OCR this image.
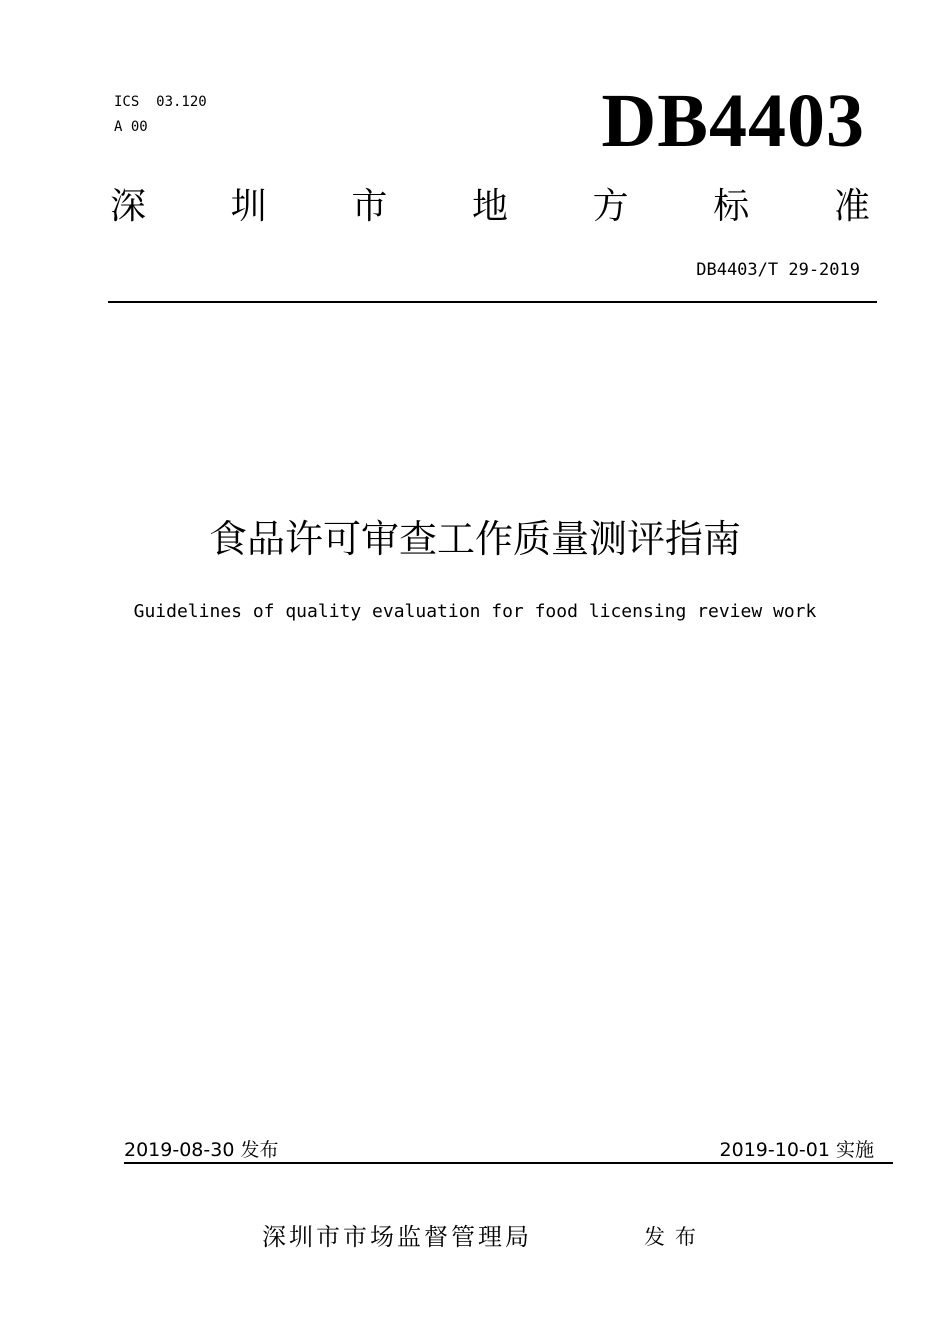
ICS  03.120
A 00	DB4403
深 圳 市 地 方 标 准
DB4403/T 29-2019
食品许可审查工作质量测评指南
Guidelines of quality evaluation for food licensing review work
2019-08-30 发布	2019-10-01 实施
深圳市市场监督管理局	发布
